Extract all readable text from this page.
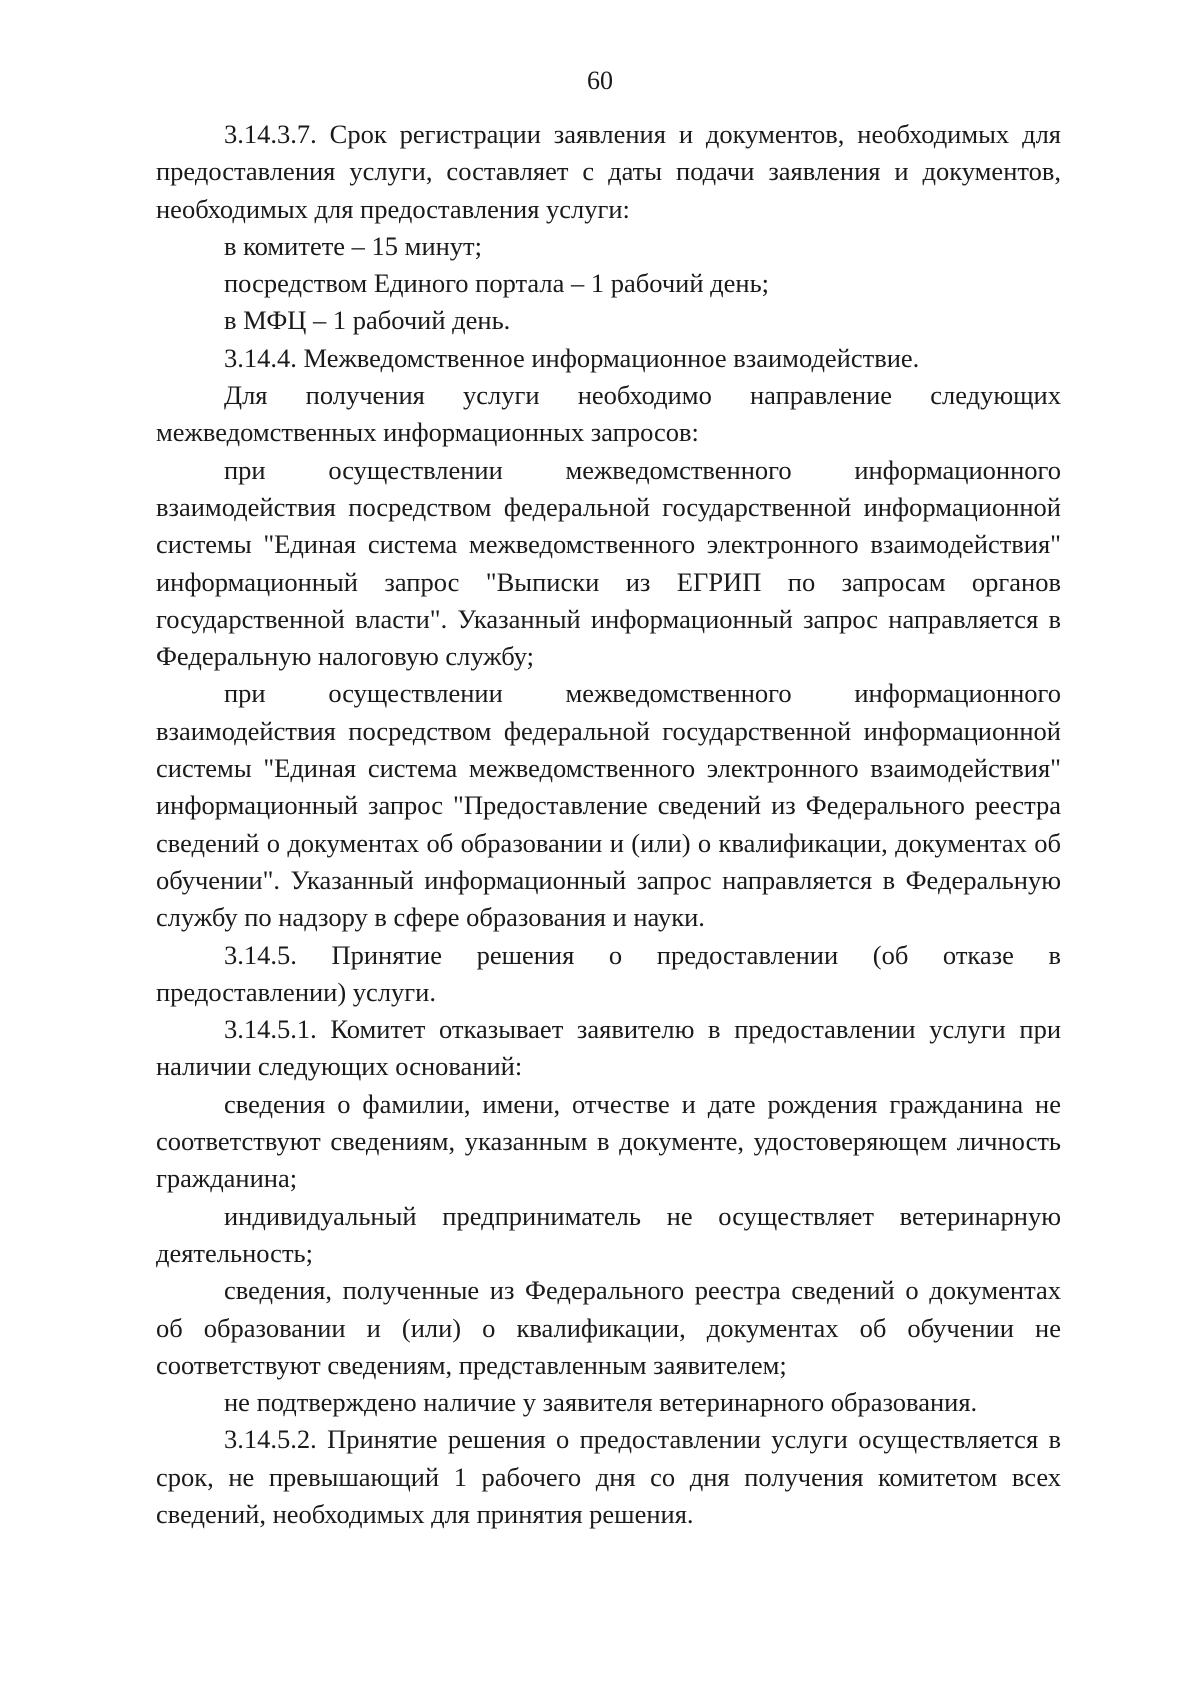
60

3.14.3.7. Срок регистрации заявления и документов, необходимых для предоставления услуги, составляет с даты подачи заявления и документов, необходимых для предоставления услуги:

в комитете – 15 минут;

посредством Единого портала – 1 рабочий день;

в МФЦ – 1 рабочий день.

3.14.4. Межведомственное информационное взаимодействие.

Для получения услуги необходимо направление следующих межведомственных информационных запросов:

при осуществлении межведомственного информационного взаимодействия посредством федеральной государственной информационной системы "Единая система межведомственного электронного взаимодействия" информационный запрос "Выписки из ЕГРИП по запросам органов государственной власти". Указанный информационный запрос направляется в Федеральную налоговую службу;

при осуществлении межведомственного информационного взаимодействия посредством федеральной государственной информационной системы "Единая система межведомственного электронного взаимодействия" информационный запрос "Предоставление сведений из Федерального реестра сведений о документах об образовании и (или) о квалификации, документах об обучении". Указанный информационный запрос направляется в Федеральную службу по надзору в сфере образования и науки.

3.14.5. Принятие решения о предоставлении (об отказе в предоставлении) услуги.

3.14.5.1. Комитет отказывает заявителю в предоставлении услуги при наличии следующих оснований:

сведения о фамилии, имени, отчестве и дате рождения гражданина не соответствуют сведениям, указанным в документе, удостоверяющем личность гражданина;

индивидуальный предприниматель не осуществляет ветеринарную деятельность;

сведения, полученные из Федерального реестра сведений о документах об образовании и (или) о квалификации, документах об обучении не соответствуют сведениям, представленным заявителем;

не подтверждено наличие у заявителя ветеринарного образования.

3.14.5.2. Принятие решения о предоставлении услуги осуществляется в срок, не превышающий 1 рабочего дня со дня получения комитетом всех сведений, необходимых для принятия решения.
